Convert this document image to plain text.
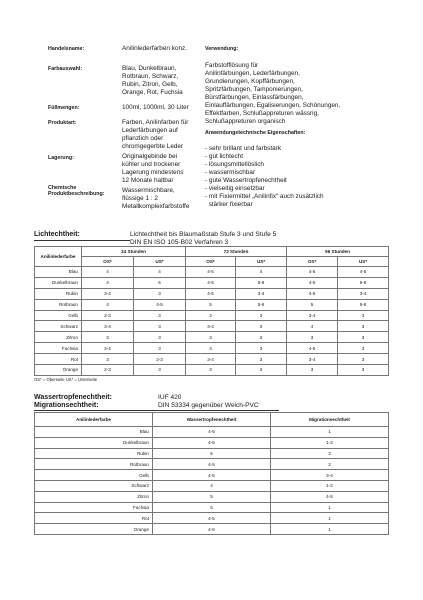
Handelsname:	Anilinlederfarben konz.
Farbauswahl:	Blau, Dunkelbraun,
Rotbraun, Schwarz,
Rubin, Zitron, Gelb,
Orange, Rot, Fuchsia
Füllmengen:	100ml, 1000ml, 30 Liter
Produktart:	Farben, Anilinfarben für
Lederfärbungen auf
pflanzlich oder
chromgegerbte Leder
Lagerung:	Originalgebinde bei
kühler und trockener
Lagerung mindestens
12 Monate haltbar
Chemische
Produktbeschreibung:	Wassermischbare,
flüssige 1 : 2
Metallkomplexfarbstoffe
Verwendung:
Farbstofflösung für
Anilinfärbungen, Lederfärbungen,
Grundierungen, Kopffärbungen,
Spritzfärbungen, Tamponierungen,
Bürstfärbungen, Einlassfärbungen,
Einlauffärbungen, Egalisierungen, Schönungen,
Effektfarben, Schlußappreturen wässrig,
Schlußappreturen organisch
Anwendungstechnische Eigenschaften:
- sehr brillant und farbstark
- gut lichtecht
- lösungsmittellöslich
- wassermischbar
- gute Wassertropfenechtheit
- vielseitig einsetzbar
- mit Fixiermittel „Anilinfix“ auch zusätzlich
stärker fixierbar
Lichtechtheit:	Lichtechtheit bis Blaumaßstab Stufe 3 und Stufe 5
DIN EN ISO 105-B02 Verfahren 3
Anilinlederfarbe	24 Stunden		72 Stunden		96 Stunden	
	OS*	US*	OS*	US*	OS*	US*
Blau	4	4	4-5	4	4-5	4-5
Dunkelbraun	4	5	4-5	5-6	4-5	5-6
Rubin	3-4	3	4-5	3-4	4-5	3-4
Rotbraun	4	4-5	5	5-6	5	5-6
Gelb	2-3	3	3	3	3-4	3
Schwarz	3-4	3	3-4	3	4	3
Zitron	3	3	3	3	3	3
Fuchsia	3-4	3	4	3	4-5	3
Rot	3	2-3	3-4	3	3-4	3
Orange	2-3	3	3	3	3	3
OS* = Oberseite US* = Unterseite
Wassertropfenechtheit:	IUF 420
Migrationsechtheit:	DIN 53334 gegenüber Weich-PVC
Anilinlederfarbe	Wassertropfenechtheit	Migrationsechtheit
Blau	4-5	1
Dunkelbraun	4-5	1-2
Rubin	5	2
Rotbraun	4-5	2
Gelb	4-5	3-4
Schwarz	4	1-2
Zitron	5	4-5
Fuchsia	5	1
Rot	4-5	1
Orange	4-5	1
